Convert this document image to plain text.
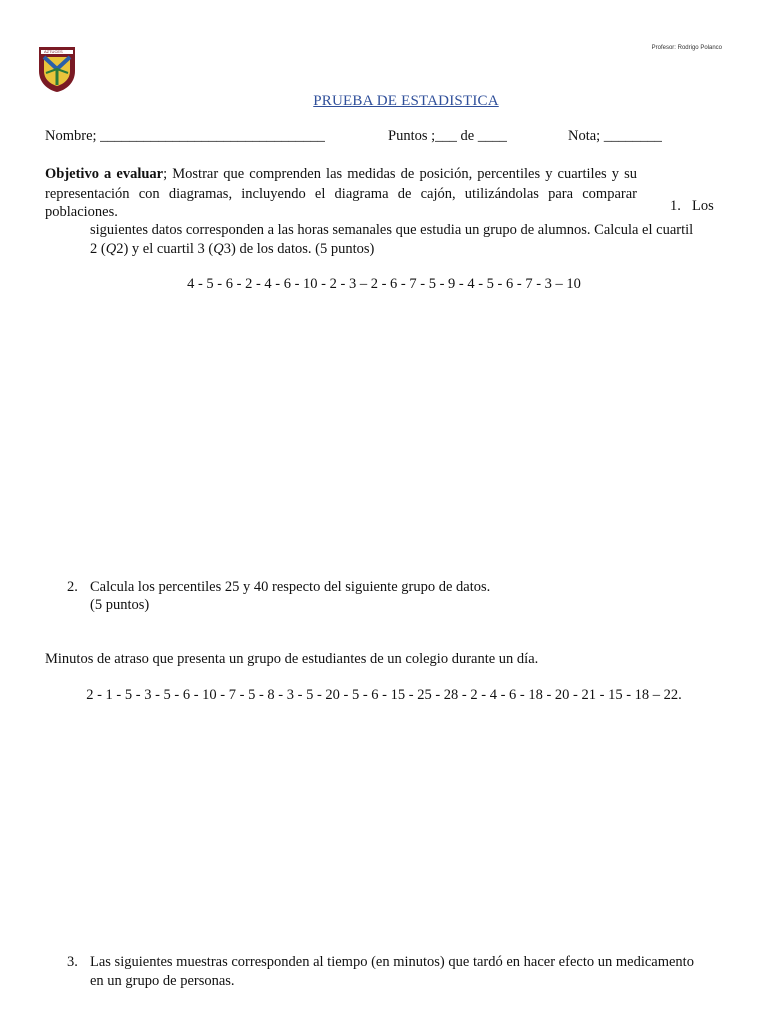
AZTUCES
Profesor: Rodrigo Polanco
PRUEBA DE ESTADISTICA
Nombre; _______________________________	Puntos ;___ de ____	Nota; ________

Objetivo a evaluar; Mostrar que comprenden las medidas de posición, percentiles y cuartiles y su

representación con diagramas, incluyendo el diagrama de cajón, utilizándolas para comparar

poblaciones.	1. Los
siguientes datos corresponden a las horas semanales que estudia un grupo de alumnos. Calcula el cuartil
2 (Q2) y el cuartil 3 (Q3) de los datos. (5 puntos)
4 - 5 - 6 - 2 - 4 - 6 - 10 - 2 - 3 – 2 - 6 - 7 - 5 - 9 - 4 - 5 - 6 - 7 - 3 – 10
2. Calcula los percentiles 25 y 40 respecto del siguiente grupo de datos.
(5 puntos)
Minutos de atraso que presenta un grupo de estudiantes de un colegio durante un día.
2 - 1 - 5 - 3 - 5 - 6 - 10 - 7 - 5 - 8 - 3 - 5 - 20 - 5 - 6 - 15 - 25 - 28 - 2 - 4 - 6 - 18 - 20 - 21 - 15 - 18 – 22.
3. Las siguientes muestras corresponden al tiempo (en minutos) que tardó en hacer efecto un medicamento
en un grupo de personas.
